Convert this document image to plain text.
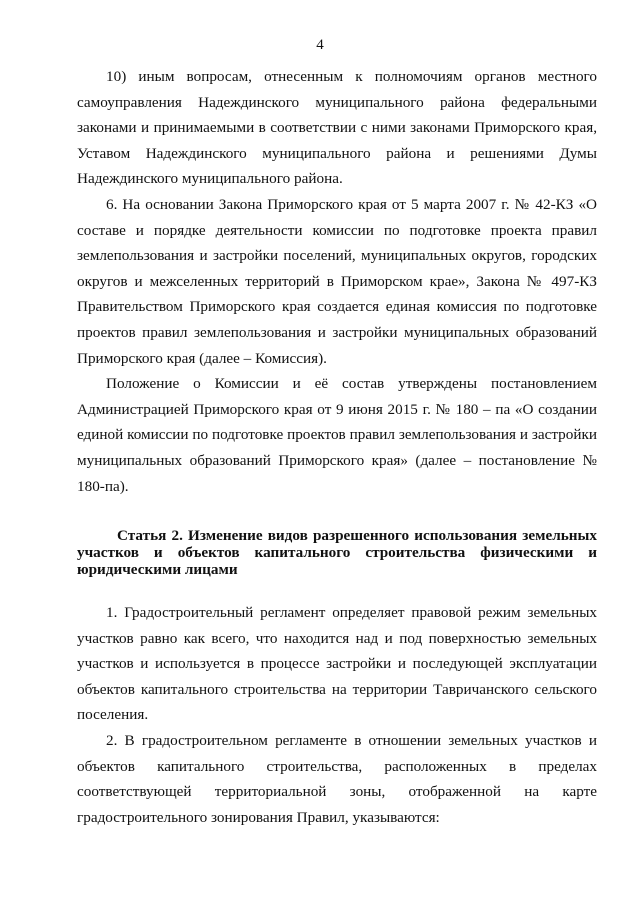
4

10) иным вопросам, отнесенным к полномочиям органов местного самоуправления Надеждинского муниципального района федеральными законами и принимаемыми в соответствии с ними законами Приморского края, Уставом Надеждинского муниципального района и решениями Думы Надеждинского муниципального района.

6. На основании Закона Приморского края от 5 марта 2007 г. № 42-КЗ «О составе и порядке деятельности комиссии по подготовке проекта правил землепользования и застройки поселений, муниципальных округов, городских округов и межселенных территорий в Приморском крае», Закона № 497-КЗ Правительством Приморского края создается единая комиссия по подготовке проектов правил землепользования и застройки муниципальных образований Приморского края (далее – Комиссия).

Положение о Комиссии и её состав утверждены постановлением Администрацией Приморского края от 9 июня 2015 г. № 180 – па «О создании единой комиссии по подготовке проектов правил землепользования и застройки муниципальных образований Приморского края» (далее – постановление № 180-па).

Статья 2. Изменение видов разрешенного использования земельных участков и объектов капитального строительства физическими и юридическими лицами

1. Градостроительный регламент определяет правовой режим земельных участков равно как всего, что находится над и под поверхностью земельных участков и используется в процессе застройки и последующей эксплуатации объектов капитального строительства на территории Тавричанского сельского поселения.

2. В градостроительном регламенте в отношении земельных участков и объектов капитального строительства, расположенных в пределах соответствующей территориальной зоны, отображенной на карте градостроительного зонирования Правил, указываются:
